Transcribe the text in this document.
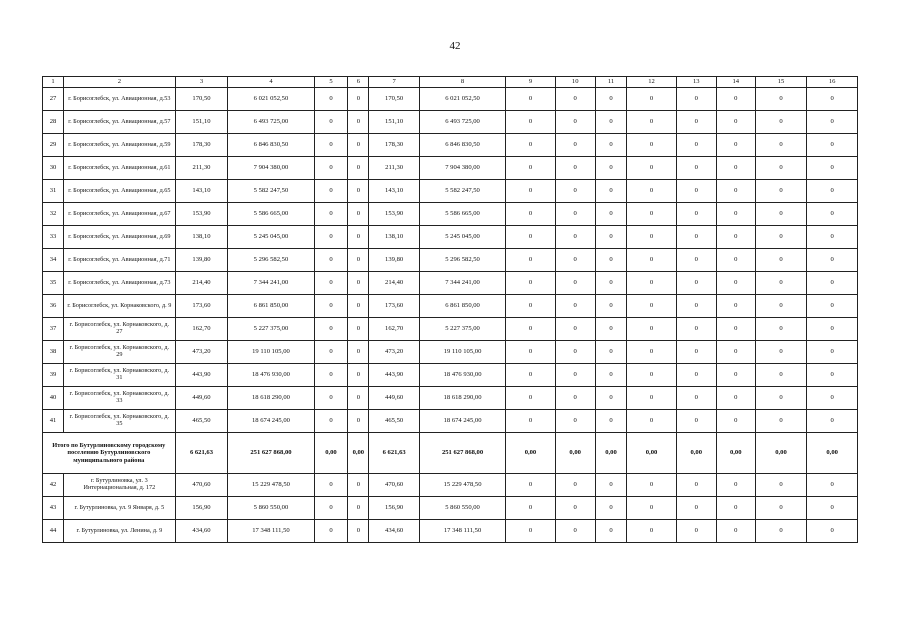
42
1	2	3	4	5	6	7	8	9	10	11	12	13	14	15	16
27	г. Борисоглебск, ул. Авиационная, д.53	170,50	6 021 052,50	0	0	170,50	6 021 052,50	0	0	0	0	0	0	0	0
28	г. Борисоглебск, ул. Авиационная, д.57	151,10	6 493 725,00	0	0	151,10	6 493 725,00	0	0	0	0	0	0	0	0
29	г. Борисоглебск, ул. Авиационная, д.59	178,30	6 846 830,50	0	0	178,30	6 846 830,50	0	0	0	0	0	0	0	0
30	г. Борисоглебск, ул. Авиационная, д.61	211,30	7 904 380,00	0	0	211,30	7 904 380,00	0	0	0	0	0	0	0	0
31	г. Борисоглебск, ул. Авиационная, д.65	143,10	5 582 247,50	0	0	143,10	5 582 247,50	0	0	0	0	0	0	0	0
32	г. Борисоглебск, ул. Авиационная, д.67	153,90	5 586 665,00	0	0	153,90	5 586 665,00	0	0	0	0	0	0	0	0
33	г. Борисоглебск, ул. Авиационная, д.69	138,10	5 245 045,00	0	0	138,10	5 245 045,00	0	0	0	0	0	0	0	0
34	г. Борисоглебск, ул. Авиационная, д.71	139,80	5 296 582,50	0	0	139,80	5 296 582,50	0	0	0	0	0	0	0	0
35	г. Борисоглебск, ул. Авиационная, д.73	214,40	7 344 241,00	0	0	214,40	7 344 241,00	0	0	0	0	0	0	0	0
36	г. Борисоглебск, ул. Корнаковского, д. 9	173,60	6 861 850,00	0	0	173,60	6 861 850,00	0	0	0	0	0	0	0	0
37	г. Борисоглебск, ул. Корнаковского, д. 27	162,70	5 227 375,00	0	0	162,70	5 227 375,00	0	0	0	0	0	0	0	0
38	г. Борисоглебск, ул. Корнаковского, д. 29	473,20	19 110 105,00	0	0	473,20	19 110 105,00	0	0	0	0	0	0	0	0
39	г. Борисоглебск, ул. Корнаковского, д. 31	443,90	18 476 930,00	0	0	443,90	18 476 930,00	0	0	0	0	0	0	0	0
40	г. Борисоглебск, ул. Корнаковского, д. 33	449,60	18 618 290,00	0	0	449,60	18 618 290,00	0	0	0	0	0	0	0	0
41	г. Борисоглебск, ул. Корнаковского, д. 35	465,50	18 674 245,00	0	0	465,50	18 674 245,00	0	0	0	0	0	0	0	0
Итого по Бутурлиновскому городскому поселению Бутурлиновского муниципального района		6 621,63	251 627 868,00	0,00	0,00	6 621,63	251 627 868,00	0,00	0,00	0,00	0,00	0,00	0,00	0,00	0,00
42	г. Бутурлиновка, ул. 3 Интернациональная, д. 172	470,60	15 229 478,50	0	0	470,60	15 229 478,50	0	0	0	0	0	0	0	0
43	г. Бутурлиновка, ул. 9 Января, д. 5	156,90	5 860 550,00	0	0	156,90	5 860 550,00	0	0	0	0	0	0	0	0
44	г. Бутурлиновка, ул. Ленина, д. 9	434,60	17 348 111,50	0	0	434,60	17 348 111,50	0	0	0	0	0	0	0	0
